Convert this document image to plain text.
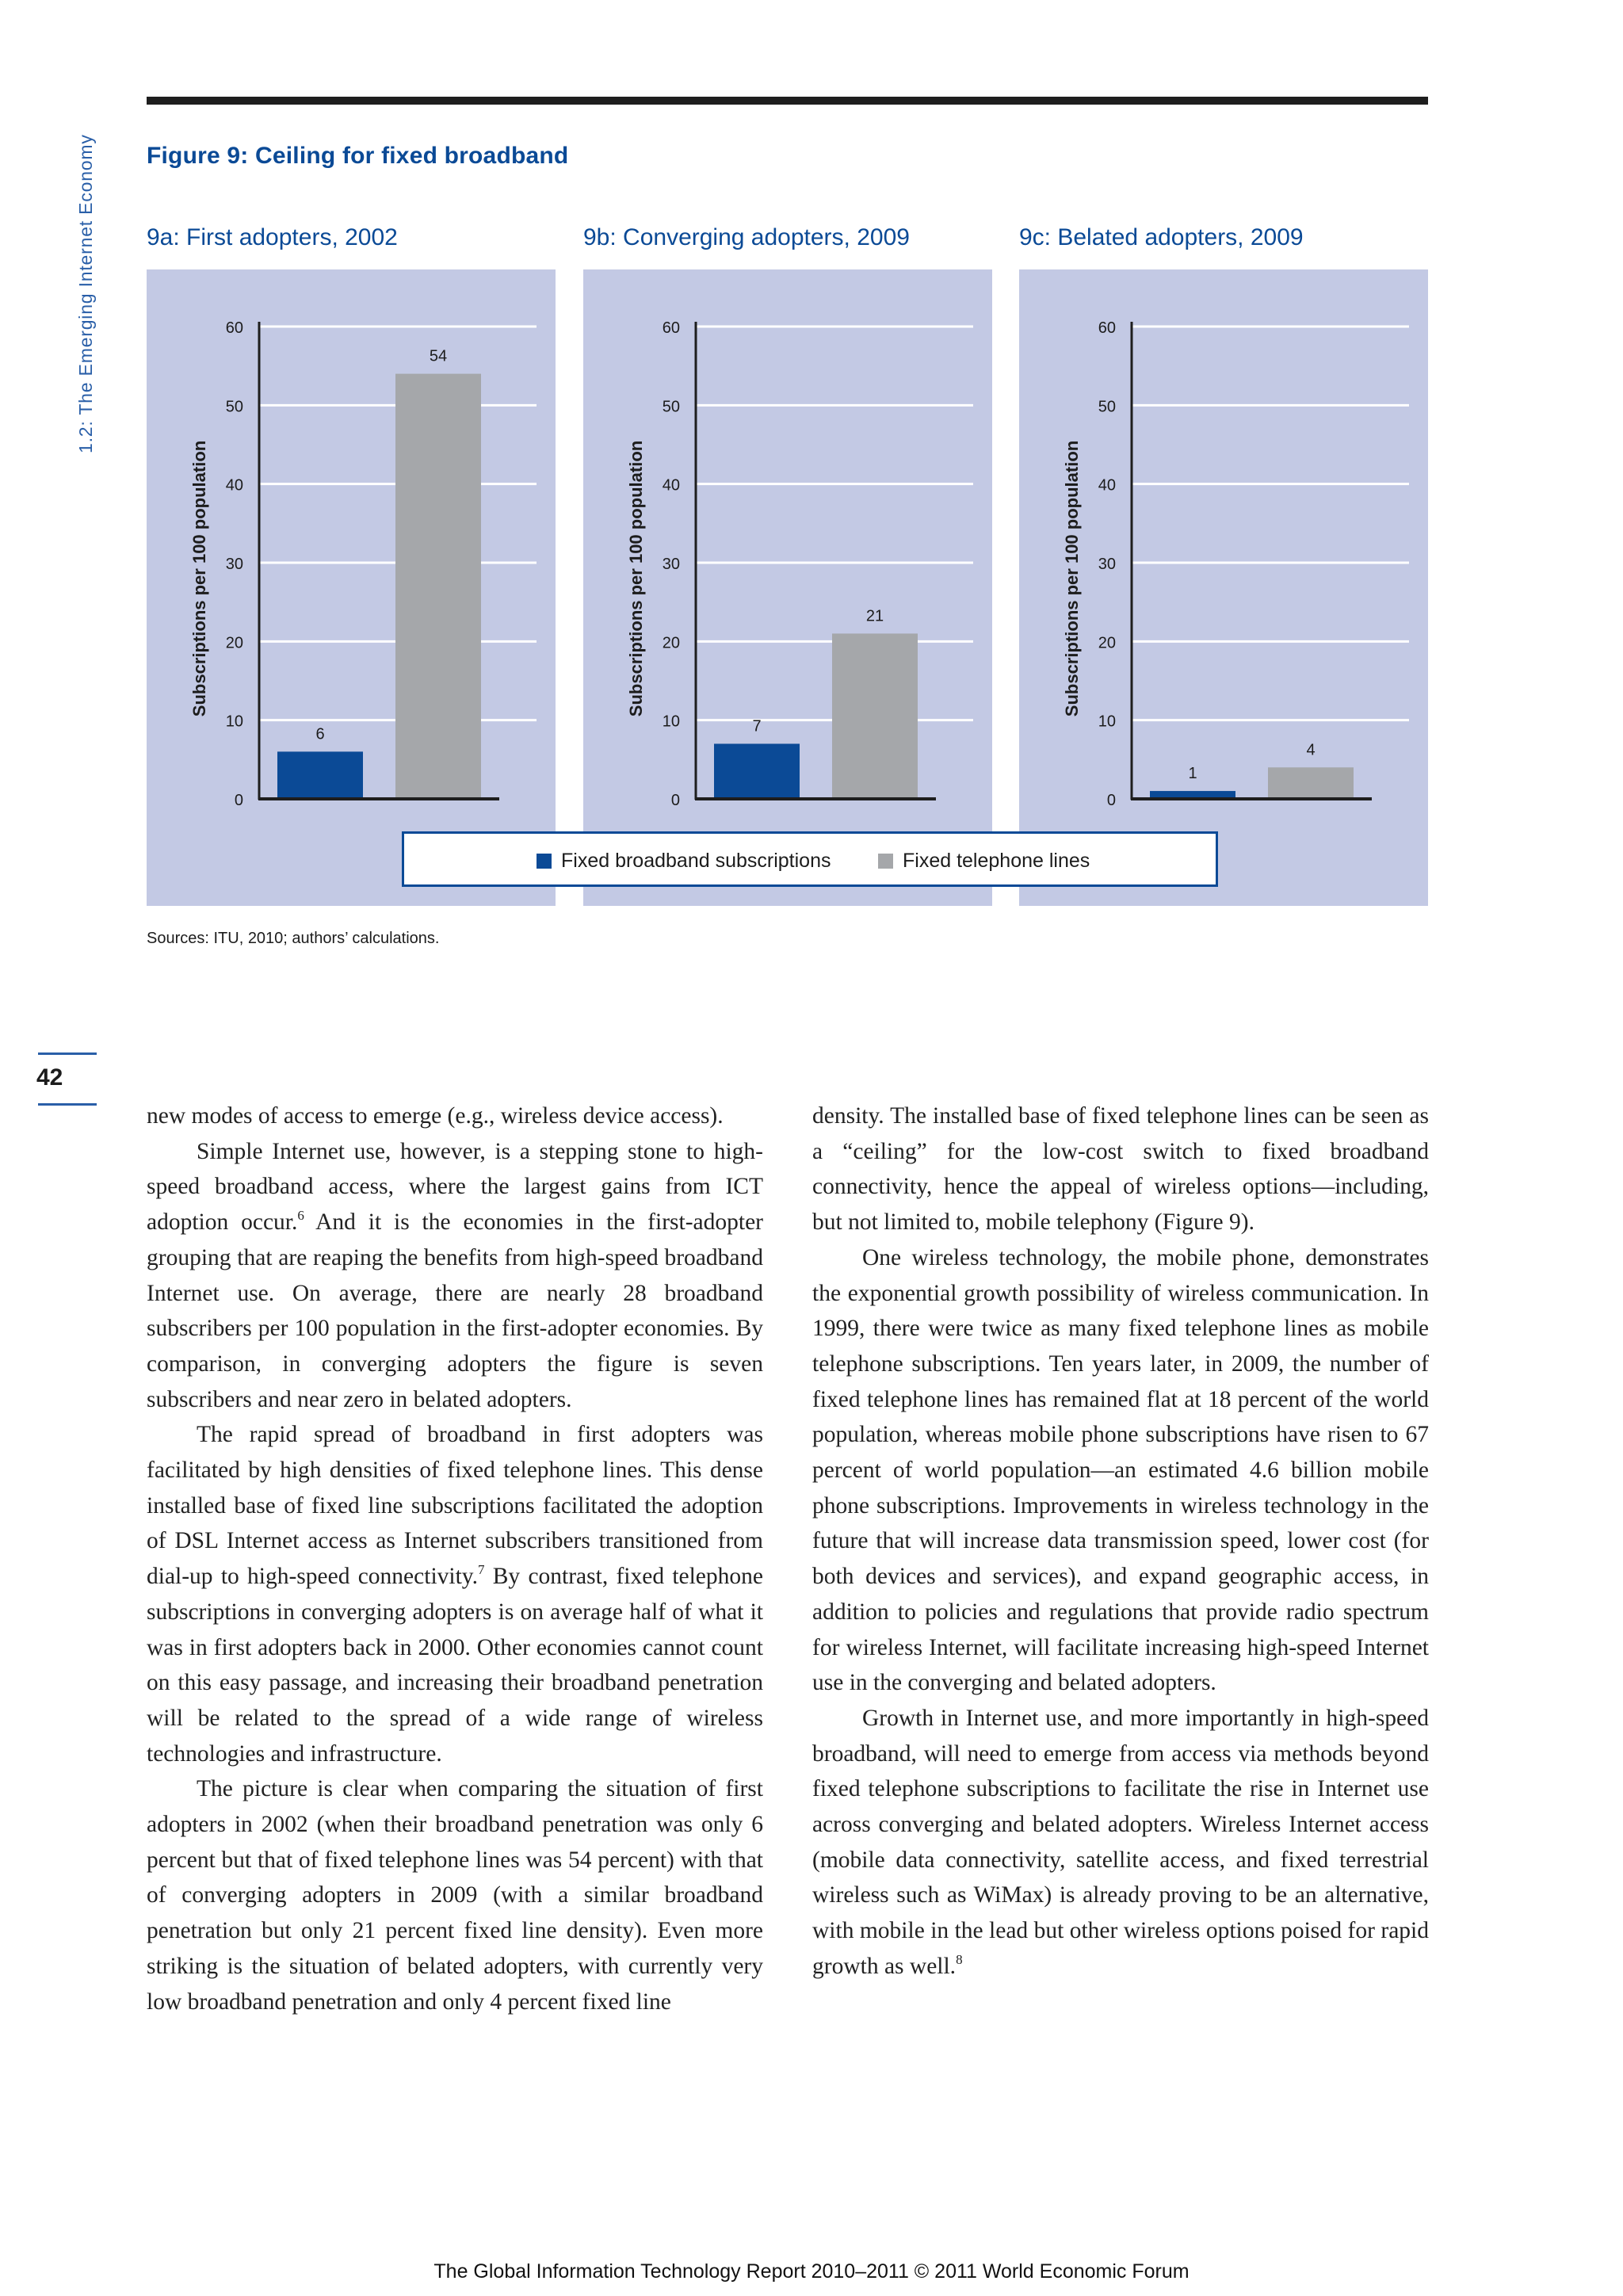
1.2: The Emerging Internet Economy
42
Figure 9: Ceiling for fixed broadband
9a: First adopters, 2002	9b: Converging adopters, 2009	9c: Belated adopters, 2009
0
10
20
30
40
50
60
Subscriptions per 100 population
6
54
0
10
20
30
40
50
60
Subscriptions per 100 population
7
21
0
10
20
30
40
50
60
Subscriptions per 100 population
1
4
Fixed broadband subscriptions	Fixed telephone lines
Sources: ITU, 2010; authors’ calculations.

new modes of access to emerge (e.g., wireless device access).

Simple Internet use, however, is a stepping stone to high-speed broadband access, where the largest gains from ICT adoption occur.$^6$ And it is the economies in the first-adopter grouping that are reaping the benefits from high-speed broadband Internet use. On average, there are nearly 28 broadband subscribers per 100 population in the first-adopter economies. By comparison, in converging adopters the figure is seven subscribers and near zero in belated adopters.

The rapid spread of broadband in first adopters was facilitated by high densities of fixed telephone lines. This dense installed base of fixed line subscriptions facilitated the adoption of DSL Internet access as Internet subscribers transitioned from dial-up to high-speed connectivity.$^7$ By contrast, fixed telephone subscriptions in converging adopters is on average half of what it was in first adopters back in 2000. Other economies cannot count on this easy passage, and increasing their broadband penetration will be related to the spread of a wide range of wireless technologies and infrastructure.

The picture is clear when comparing the situation of first adopters in 2002 (when their broadband penetration was only 6 percent but that of fixed telephone lines was 54 percent) with that of converging adopters in 2009 (with a similar broadband penetration but only 21 percent fixed line density). Even more striking is the situation of belated adopters, with currently very low broadband penetration and only 4 percent fixed line

density. The installed base of fixed telephone lines can be seen as a “ceiling” for the low-cost switch to fixed broadband connectivity, hence the appeal of wireless options—including, but not limited to, mobile telephony (Figure 9).

One wireless technology, the mobile phone, demonstrates the exponential growth possibility of wireless communication. In 1999, there were twice as many fixed telephone lines as mobile telephone subscriptions. Ten years later, in 2009, the number of fixed telephone lines has remained flat at 18 percent of the world population, whereas mobile phone subscriptions have risen to 67 percent of world population—an estimated 4.6 billion mobile phone subscriptions. Improvements in wireless technology in the future that will increase data transmission speed, lower cost (for both devices and services), and expand geographic access, in addition to policies and regulations that provide radio spectrum for wireless Internet, will facilitate increasing high-speed Internet use in the converging and belated adopters.

Growth in Internet use, and more importantly in high-speed broadband, will need to emerge from access via methods beyond fixed telephone subscriptions to facilitate the rise in Internet use across converging and belated adopters. Wireless Internet access (mobile data connectivity, satellite access, and fixed terrestrial wireless such as WiMax) is already proving to be an alternative, with mobile in the lead but other wireless options poised for rapid growth as well.$^8$

The Global Information Technology Report 2010–2011 © 2011 World Economic Forum
